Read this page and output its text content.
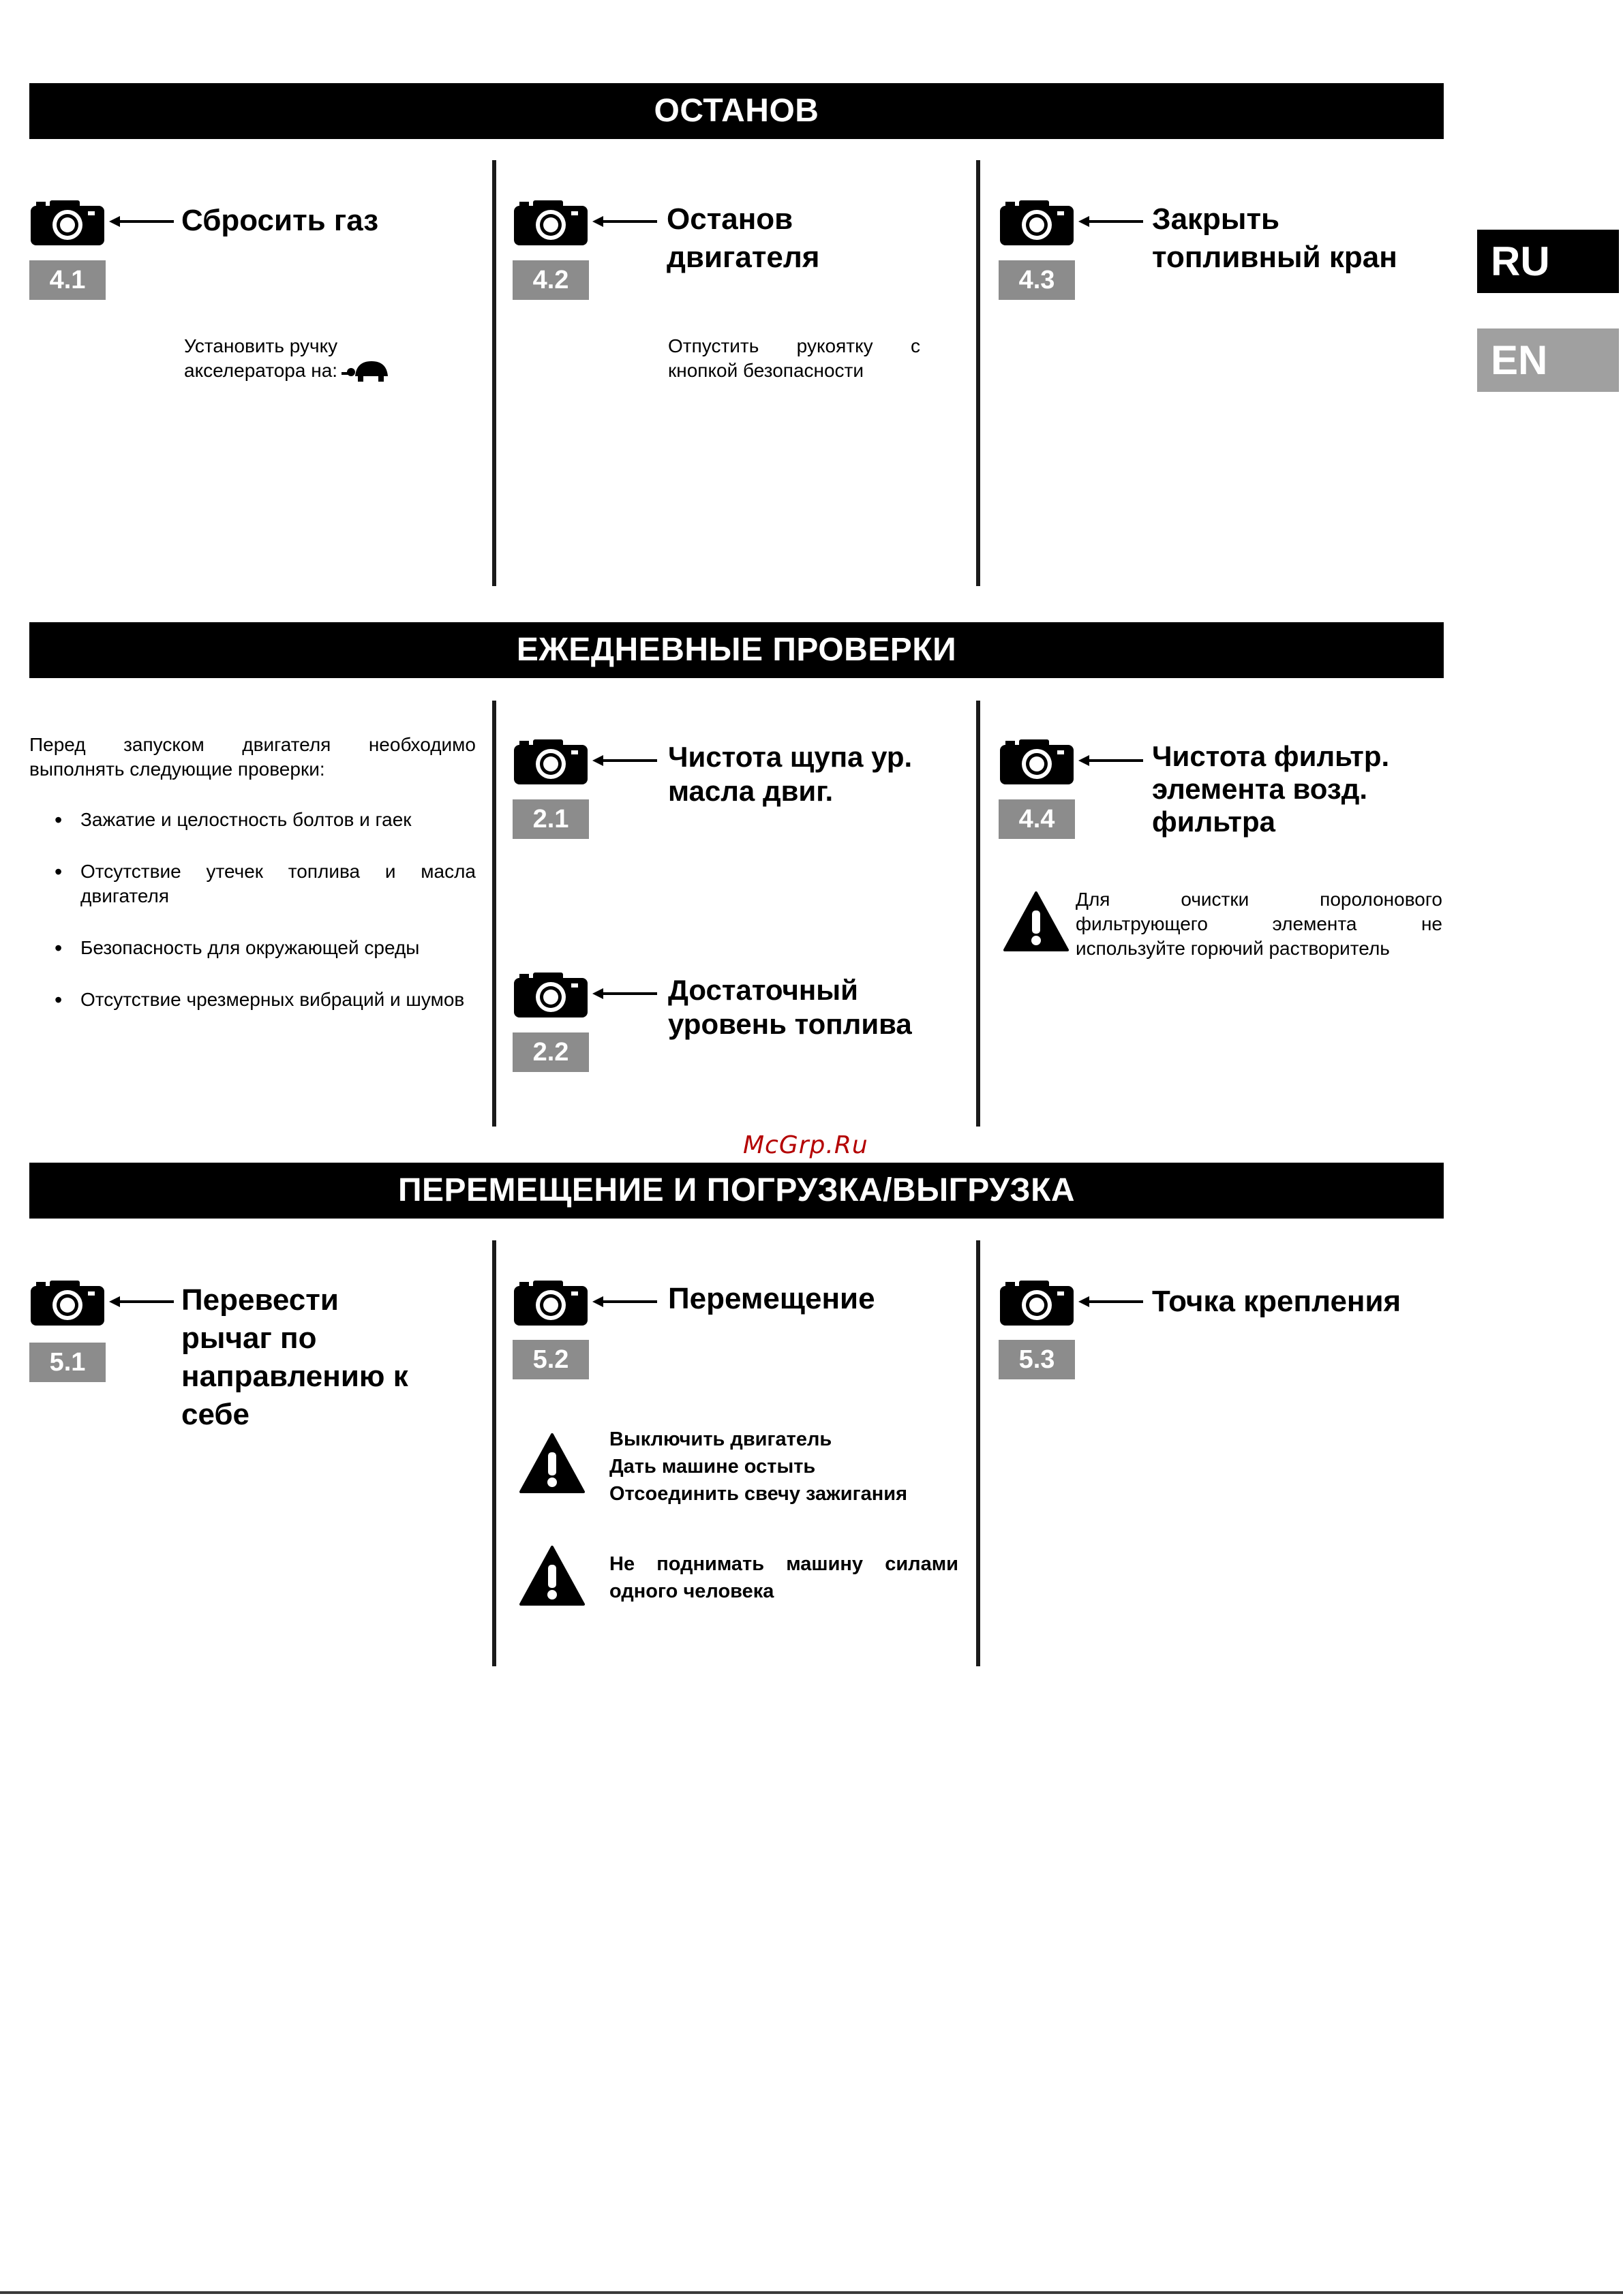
RU
EN
ОСТАНОВ
4.1
Сбросить газ
Установить ручку
акселератора на:
4.2
Останов
двигателя
Отпустить рукоятку с
кнопкой безопасности
4.3
Закрыть
топливный кран
ЕЖЕДНЕВНЫЕ ПРОВЕРКИ
Перед запуском двигателя необходимо
выполнять следующие проверки:
• Зажатие и целостность болтов и гаек
• Отсутствие утечек топлива и масла двигателя
• Безопасность для окружающей среды
• Отсутствие чрезмерных вибраций и шумов
2.1
Чистота щупа ур.
масла двиг.
2.2
Достаточный
уровень топлива
4.4
Чистота фильтр.
элемента возд.
фильтра
Для очистки поролонового
фильтрующего элемента не
используйте горючий растворитель
McGrp.Ru
ПЕРЕМЕЩЕНИЕ И ПОГРУЗКА/ВЫГРУЗКА
5.1
Перевести
рычаг по
направлению к
себе
5.2
Перемещение
Выключить двигатель
Дать машине остыть
Отсоединить свечу зажигания
Не поднимать машину силами
одного человека
5.3
Точка крепления
